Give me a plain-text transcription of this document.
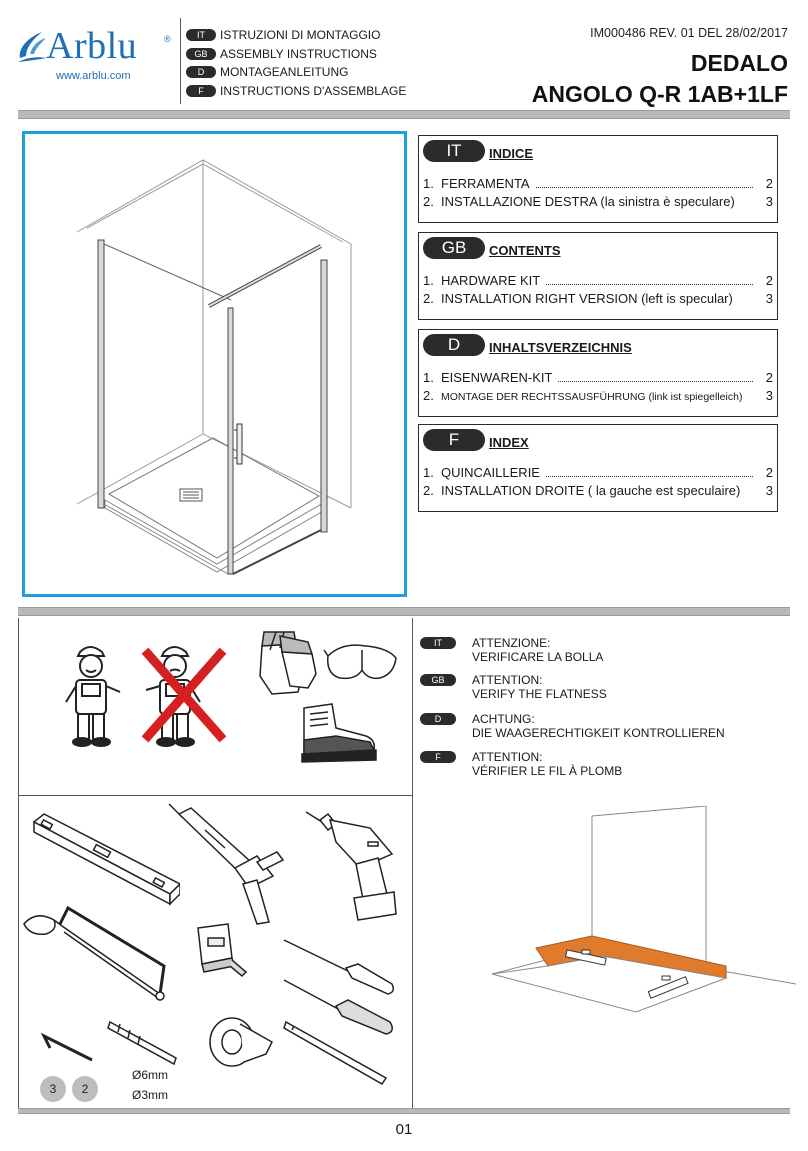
Arblu	®
www.arblu.com
IT	ISTRUZIONI DI MONTAGGIO
GB	ASSEMBLY INSTRUCTIONS
D	MONTAGEANLEITUNG
F	INSTRUCTIONS D'ASSEMBLAGE
IM000486 REV. 01 DEL 28/02/2017
DEDALO
ANGOLO Q-R 1AB+1LF
IT	INDICE
1. FERRAMENTA	2
2. INSTALLAZIONE DESTRA (la sinistra è speculare)	3
GB	CONTENTS
1. HARDWARE KIT	2
2. INSTALLATION RIGHT VERSION (left is specular)	3
D	INHALTSVERZEICHNIS
1. EISENWAREN-KIT	2
2. MONTAGE DER RECHTSSAUSFÜHRUNG (link ist spiegelleich)	3
F	INDEX
1. QUINCAILLERIE	2
2. INSTALLATION DROITE ( la gauche est speculaire)	3
IT	ATTENZIONE:
VERIFICARE LA BOLLA
GB	ATTENTION:
VERIFY THE FLATNESS
D	ACHTUNG:
DIE WAAGERECHTIGKEIT KONTROLLIEREN
F	ATTENTION:
VÉRIFIER LE FIL À PLOMB
3	2
Ø6mm
Ø3mm
01
